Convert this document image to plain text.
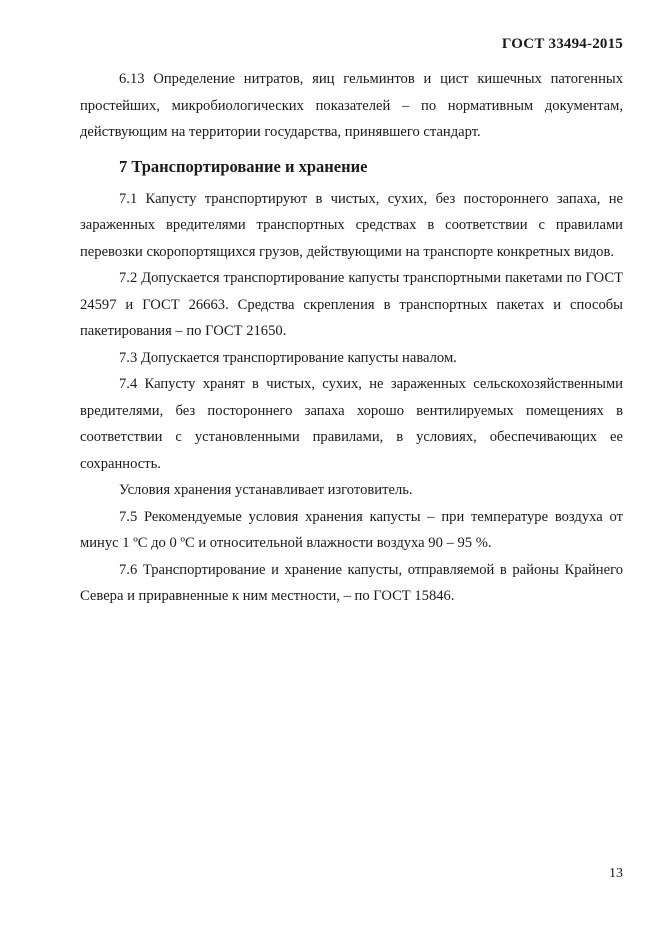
ГОСТ 33494-2015

6.13 Определение нитратов, яиц гельминтов и цист кишечных патогенных простейших, микробиологических показателей – по нормативным документам, действующим на территории государства, принявшего стандарт.

7 Транспортирование и хранение

7.1 Капусту транспортируют в чистых, сухих, без постороннего запаха, не зараженных вредителями транспортных средствах в соответствии с правилами перевозки скоропортящихся грузов, действующими на транспорте конкретных видов.

7.2 Допускается транспортирование капусты транспортными пакетами по ГОСТ 24597 и ГОСТ 26663. Средства скрепления в транспортных пакетах и способы пакетирования – по ГОСТ 21650.

7.3 Допускается транспортирование капусты навалом.

7.4 Капусту хранят в чистых, сухих, не зараженных сельскохозяйственными вредителями, без постороннего запаха хорошо вентилируемых помещениях в соответствии с установленными правилами, в условиях, обеспечивающих ее сохранность.

Условия хранения устанавливает изготовитель.

7.5 Рекомендуемые условия хранения капусты – при температуре воздуха от минус 1 ºС до 0 ºС и относительной влажности воздуха 90 – 95 %.

7.6 Транспортирование и хранение капусты, отправляемой в районы Крайнего Севера и приравненные к ним местности, – по ГОСТ 15846.

13
